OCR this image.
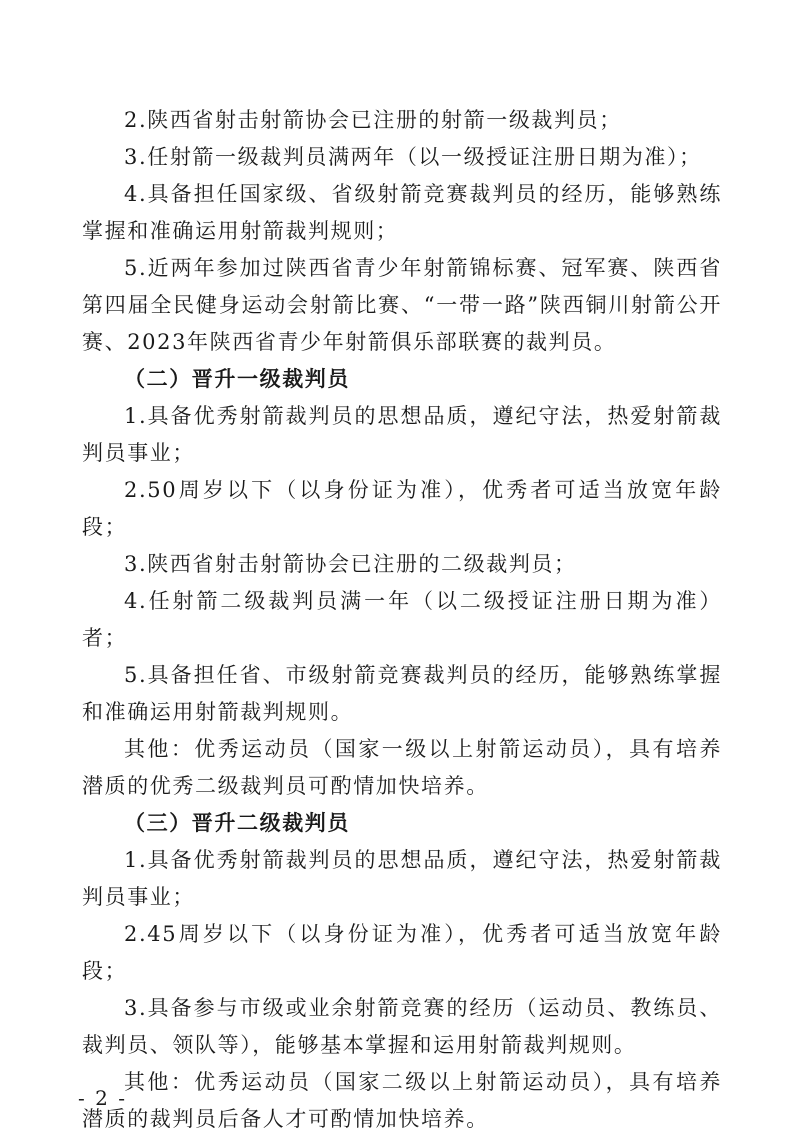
2.陕西省射击射箭协会已注册的射箭一级裁判员；

3.任射箭一级裁判员满两年（以一级授证注册日期为准）；

4.具备担任国家级、省级射箭竞赛裁判员的经历，能够熟练掌握和准确运用射箭裁判规则；

5.近两年参加过陕西省青少年射箭锦标赛、冠军赛、陕西省第四届全民健身运动会射箭比赛、“一带一路”陕西铜川射箭公开赛、2023年陕西省青少年射箭俱乐部联赛的裁判员。

（二）晋升一级裁判员

1.具备优秀射箭裁判员的思想品质，遵纪守法，热爱射箭裁判员事业；

2.50周岁以下（以身份证为准），优秀者可适当放宽年龄段；

3.陕西省射击射箭协会已注册的二级裁判员；

4.任射箭二级裁判员满一年（以二级授证注册日期为准）者；

5.具备担任省、市级射箭竞赛裁判员的经历，能够熟练掌握和准确运用射箭裁判规则。

其他：优秀运动员（国家一级以上射箭运动员），具有培养潜质的优秀二级裁判员可酌情加快培养。

（三）晋升二级裁判员

1.具备优秀射箭裁判员的思想品质，遵纪守法，热爱射箭裁判员事业；

2.45周岁以下（以身份证为准），优秀者可适当放宽年龄段；

3.具备参与市级或业余射箭竞赛的经历（运动员、教练员、裁判员、领队等），能够基本掌握和运用射箭裁判规则。

其他：优秀运动员（国家二级以上射箭运动员），具有培养潜质的裁判员后备人才可酌情加快培养。

- 2 -
